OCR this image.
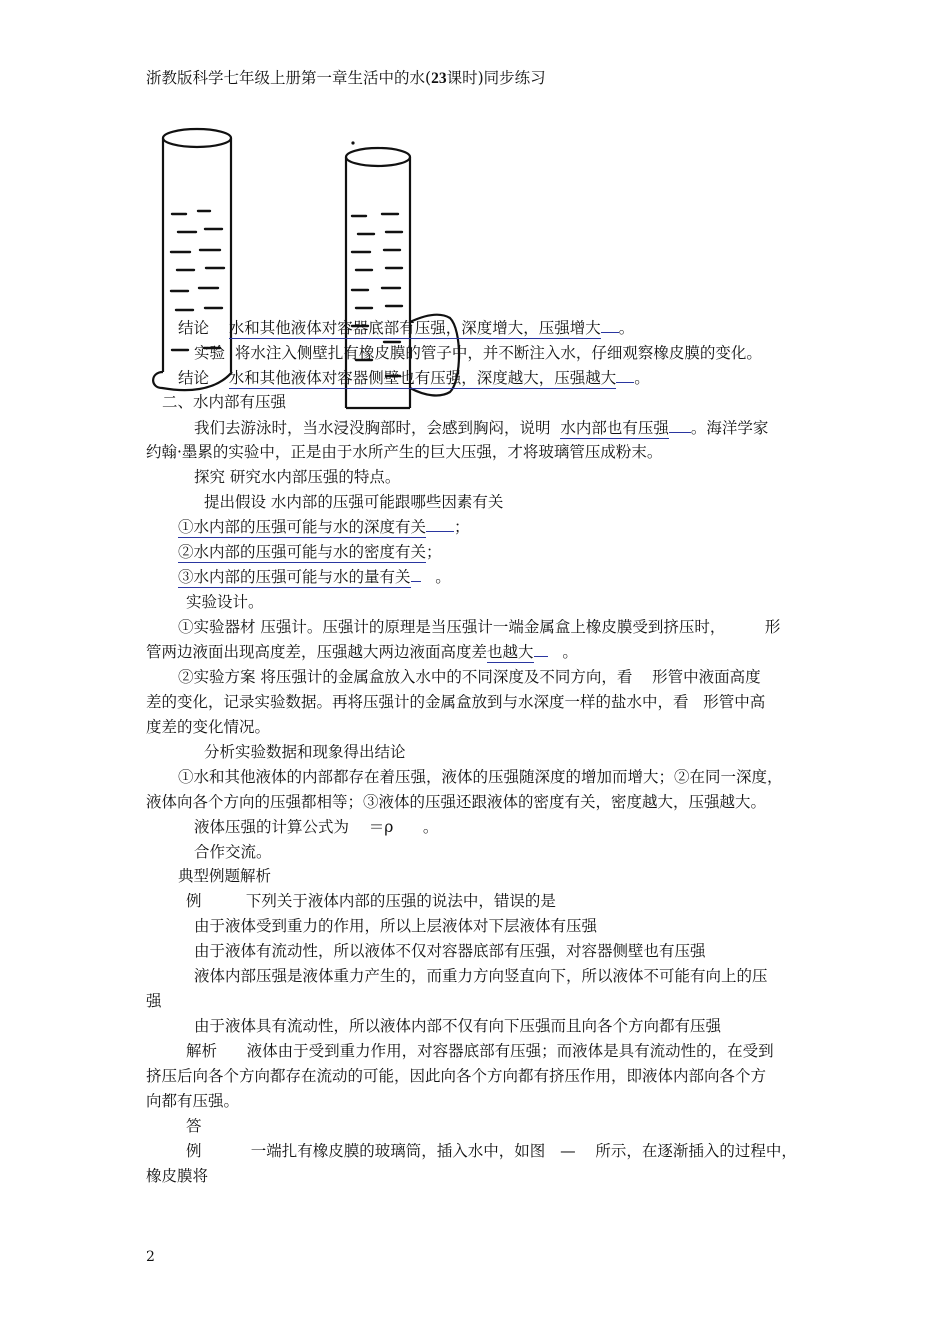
浙教版科学七年级上册第一章生活中的水(23课时)同步练习
结论 水和其他液体对容器底部有压强，深度增大，压强增大 。
实验 将水注入侧壁扎有橡皮膜的管子中，并不断注入水，仔细观察橡皮膜的变化。
结论 水和其他液体对容器侧壁也有压强，深度越大，压强越大 。
二、水内部有压强
我们去游泳时，当水浸没胸部时，会感到胸闷，说明 水内部也有压强 。海洋学家
约翰·墨累的实验中，正是由于水所产生的巨大压强，才将玻璃管压成粉末。
探究 研究水内部压强的特点。
提出假设 水内部的压强可能跟哪些因素有关
①水内部的压强可能与水的深度有关 ；
②水内部的压强可能与水的密度有关；
③水内部的压强可能与水的量有关 。
实验设计。
①实验器材 压强计。压强计的原理是当压强计一端金属盒上橡皮膜受到挤压时，	形
管两边液面出现高度差，压强越大两边液面高度差也越大 。
②实验方案 将压强计的金属盒放入水中的不同深度及不同方向，看 形管中液面高度
差的变化，记录实验数据。再将压强计的金属盒放到与水深度一样的盐水中，看 形管中高
度差的变化情况。
分析实验数据和现象得出结论
①水和其他液体的内部都存在着压强，液体的压强随深度的增加而增大；②在同一深度，
液体向各个方向的压强都相等；③液体的压强还跟液体的密度有关，密度越大，压强越大。
液体压强的计算公式为 ＝ρ 。
合作交流。
典型例题解析
例	下列关于液体内部的压强的说法中，错误的是
由于液体受到重力的作用，所以上层液体对下层液体有压强
由于液体有流动性，所以液体不仅对容器底部有压强，对容器侧壁也有压强
液体内部压强是液体重力产生的，而重力方向竖直向下，所以液体不可能有向上的压
强
由于液体具有流动性，所以液体内部不仅有向下压强而且向各个方向都有压强
解析 液体由于受到重力作用，对容器底部有压强；而液体是具有流动性的，在受到
挤压后向各个方向都存在流动的可能，因此向各个方向都有挤压作用，即液体内部向各个方
向都有压强。
答
例	一端扎有橡皮膜的玻璃筒，插入水中，如图 — 所示，在逐渐插入的过程中，
橡皮膜将
2
